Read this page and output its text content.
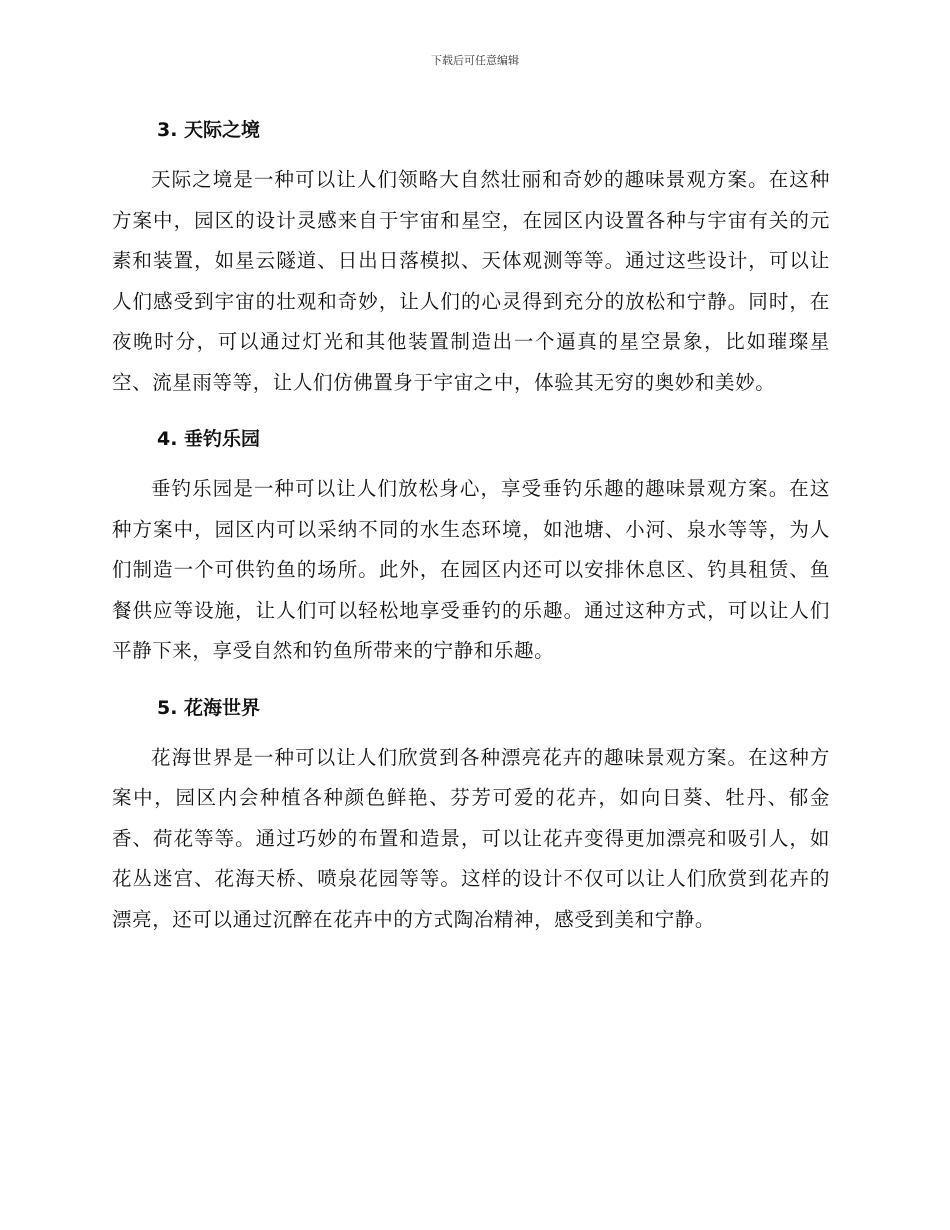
下载后可任意编辑
3. 天际之境

天际之境是一种可以让人们领略大自然壮丽和奇妙的趣味景观方案。在这种方案中，园区的设计灵感来自于宇宙和星空，在园区内设置各种与宇宙有关的元素和装置，如星云隧道、日出日落模拟、天体观测等等。通过这些设计，可以让人们感受到宇宙的壮观和奇妙，让人们的心灵得到充分的放松和宁静。同时，在夜晚时分，可以通过灯光和其他装置制造出一个逼真的星空景象，比如璀璨星空、流星雨等等，让人们仿佛置身于宇宙之中，体验其无穷的奥妙和美妙。

4. 垂钓乐园

垂钓乐园是一种可以让人们放松身心，享受垂钓乐趣的趣味景观方案。在这种方案中，园区内可以采纳不同的水生态环境，如池塘、小河、泉水等等，为人们制造一个可供钓鱼的场所。此外，在园区内还可以安排休息区、钓具租赁、鱼餐供应等设施，让人们可以轻松地享受垂钓的乐趣。通过这种方式，可以让人们平静下来，享受自然和钓鱼所带来的宁静和乐趣。

5. 花海世界

花海世界是一种可以让人们欣赏到各种漂亮花卉的趣味景观方案。在这种方案中，园区内会种植各种颜色鲜艳、芬芳可爱的花卉，如向日葵、牡丹、郁金香、荷花等等。通过巧妙的布置和造景，可以让花卉变得更加漂亮和吸引人，如花丛迷宫、花海天桥、喷泉花园等等。这样的设计不仅可以让人们欣赏到花卉的漂亮，还可以通过沉醉在花卉中的方式陶冶精神，感受到美和宁静。
